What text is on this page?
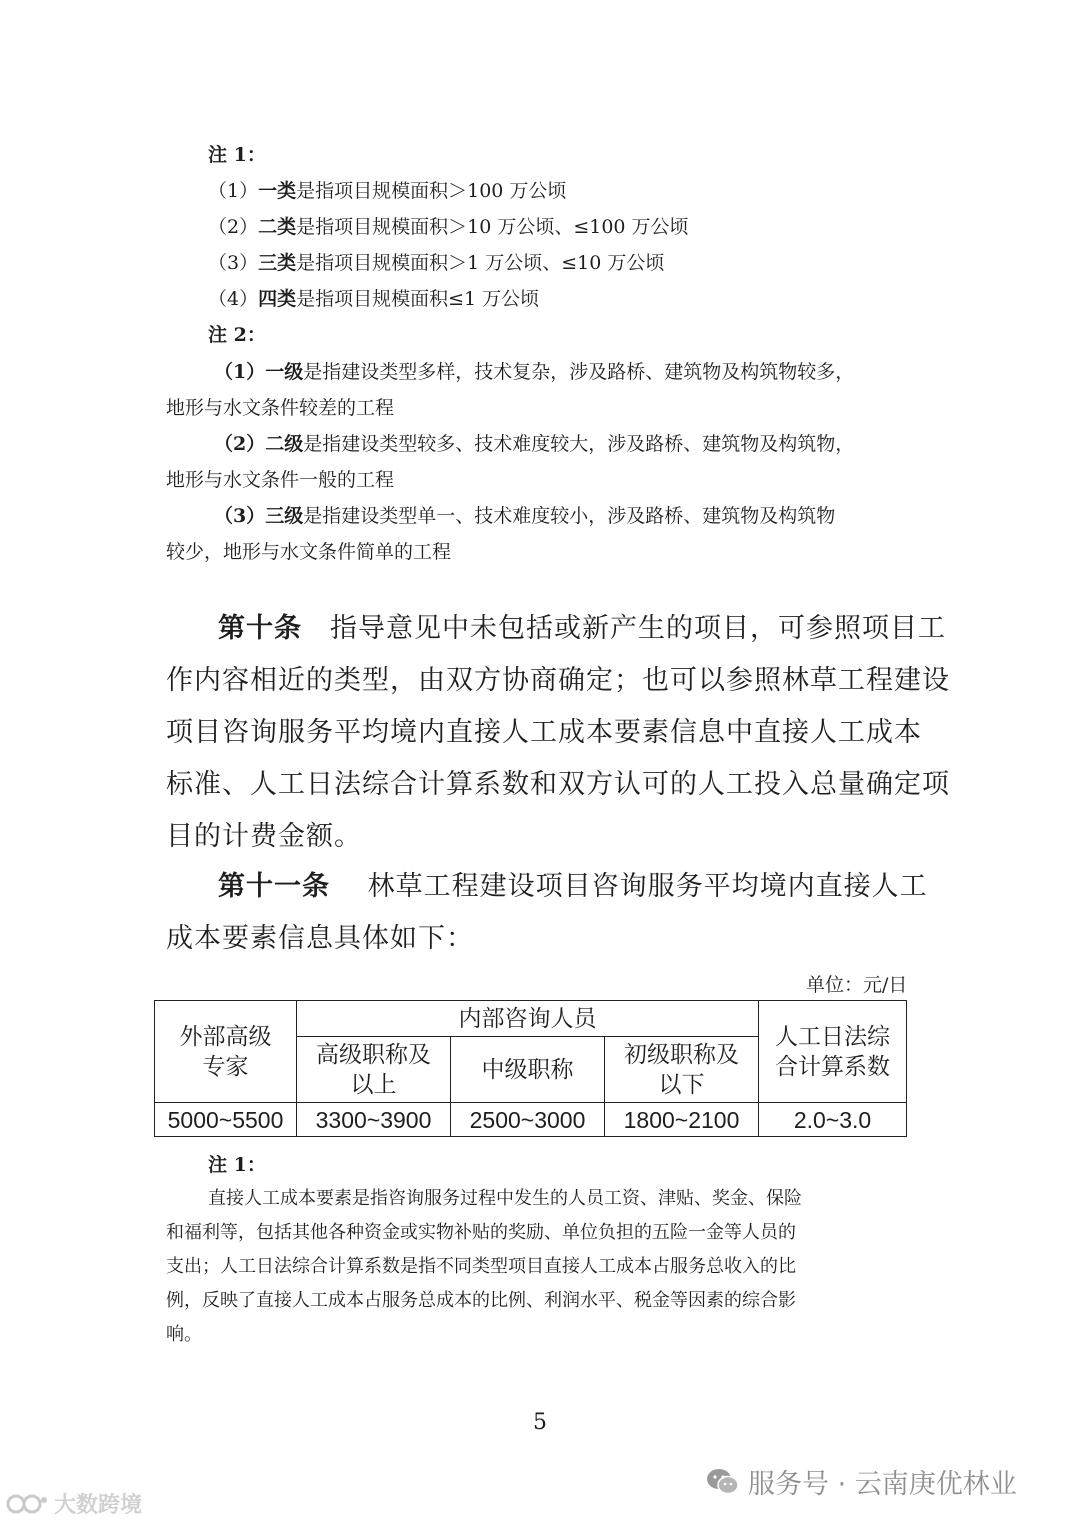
注 1：
（1）一类是指项目规模面积＞100 万公顷
（2）二类是指项目规模面积＞10 万公顷、≤100 万公顷
（3）三类是指项目规模面积＞1 万公顷、≤10 万公顷
（4）四类是指项目规模面积≤1 万公顷
注 2：
（1）一级是指建设类型多样，技术复杂，涉及路桥、建筑物及构筑物较多，
地形与水文条件较差的工程
（2）二级是指建设类型较多、技术难度较大，涉及路桥、建筑物及构筑物，
地形与水文条件一般的工程
（3）三级是指建设类型单一、技术难度较小，涉及路桥、建筑物及构筑物
较少，地形与水文条件简单的工程
第十条　 指导意见中未包括或新产生的项目，可参照项目工
作内容相近的类型，由双方协商确定；也可以参照林草工程建设
项目咨询服务平均境内直接人工成本要素信息中直接人工成本
标准、人工日法综合计算系数和双方认可的人工投入总量确定项
目的计费金额。
第十一条　 林草工程建设项目咨询服务平均境内直接人工
成本要素信息具体如下：
单位：元/日
外部高级专家	内部咨询人员			人工日法综合计算系数
	高级职称及以上	中级职称	初级职称及以下	
5000~5500	3300~3900	2500~3000	1800~2100	2.0~3.0
注 1：
直接人工成本要素是指咨询服务过程中发生的人员工资、津贴、奖金、保险
和福利等，包括其他各种资金或实物补贴的奖励、单位负担的五险一金等人员的
支出；人工日法综合计算系数是指不同类型项目直接人工成本占服务总收入的比
例，反映了直接人工成本占服务总成本的比例、利润水平、税金等因素的综合影
响。
5
服务号 · 云南庚优林业
大数跨境
